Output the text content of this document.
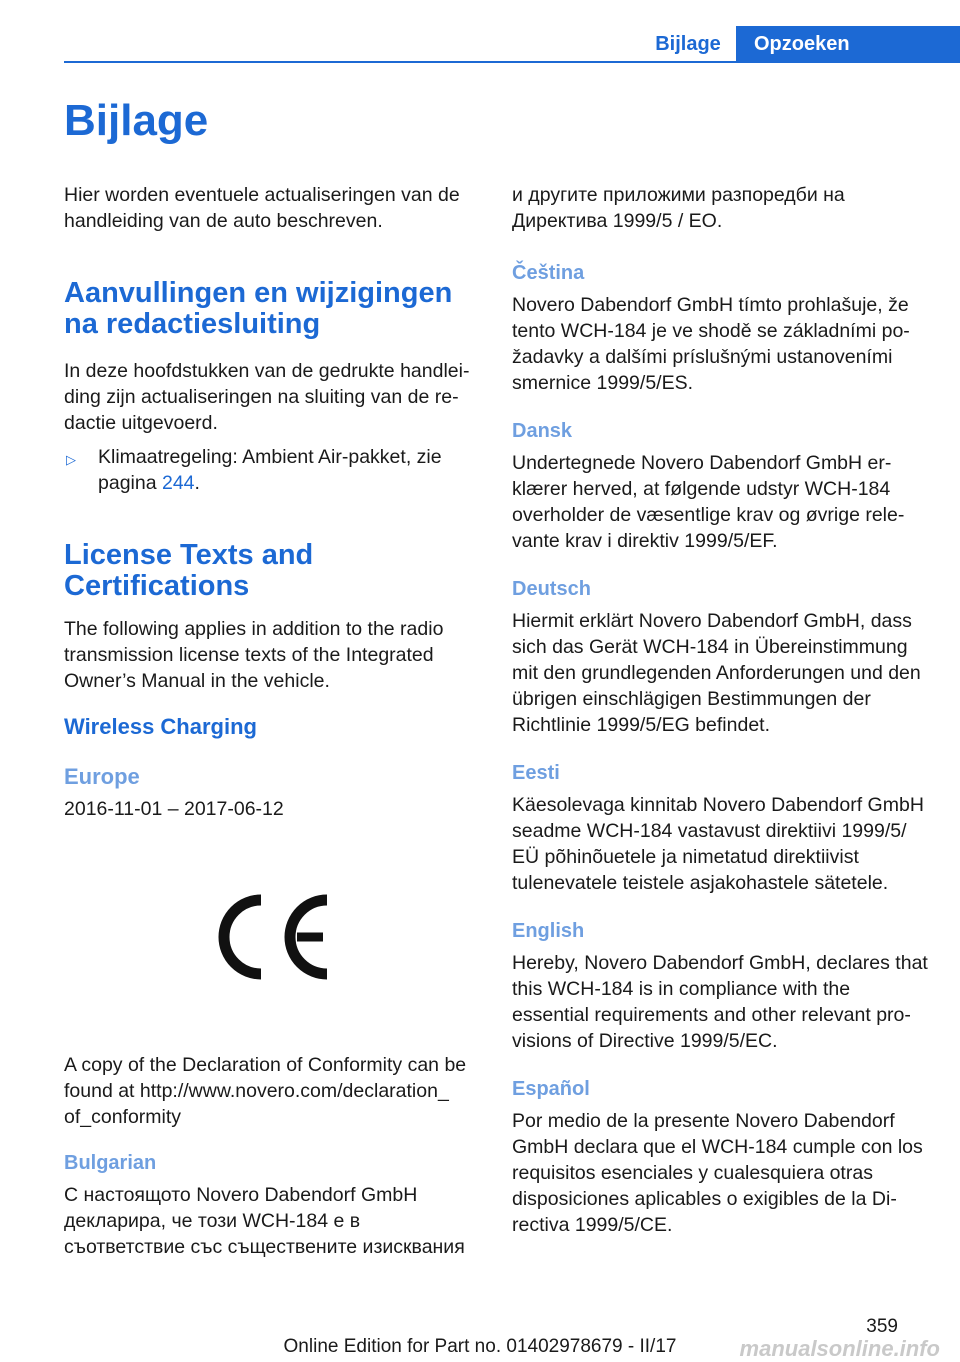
Bijlage	Opzoeken
Bijlage

Hier worden eventuele actualiseringen van de handleiding van de auto beschreven.

Aanvullingen en wijzigingen na redactiesluiting

In deze hoofdstukken van de gedrukte handleiding zijn actualiseringen na sluiting van de redactie uitgevoerd.

▷ Klimaatregeling: Ambient Air-pakket, zie pagina 244.

License Texts and Certifications

The following applies in addition to the radio transmission license texts of the Integrated Owner’s Manual in the vehicle.

Wireless Charging

Europe

2016-11-01 – 2017-06-12

A copy of the Declaration of Conformity can be found at http://www.novero.com/declaration_ of_conformity

Bulgarian

С настоящото Novero Dabendorf GmbH декларира, че този WCH-184 е в съответствие със съществените изисквания

и другите приложими разпоредби на Директива 1999/5 / ЕО.

Čeština

Novero Dabendorf GmbH tímto prohlašuje, že tento WCH-184 je ve shodě se základními požadavky a dalšími príslušnými ustanoveními smernice 1999/5/ES.

Dansk

Undertegnede Novero Dabendorf GmbH erklærer herved, at følgende udstyr WCH-184 overholder de væsentlige krav og øvrige relevante krav i direktiv 1999/5/EF.

Deutsch

Hiermit erklärt Novero Dabendorf GmbH, dass sich das Gerät WCH-184 in Übereinstimmung mit den grundlegenden Anforderungen und den übrigen einschlägigen Bestimmungen der Richtlinie 1999/5/EG befindet.

Eesti

Käesolevaga kinnitab Novero Dabendorf GmbH seadme WCH-184 vastavust direktiivi 1999/5/ EÜ põhinõuetele ja nimetatud direktiivist tulenevatele teistele asjakohastele sätetele.

English

Hereby, Novero Dabendorf GmbH, declares that this WCH-184 is in compliance with the essential requirements and other relevant provisions of Directive 1999/5/EC.

Español

Por medio de la presente Novero Dabendorf GmbH declara que el WCH-184 cumple con los requisitos esenciales y cualesquiera otras disposiciones aplicables o exigibles de la Directiva 1999/5/CE.

359
Online Edition for Part no. 01402978679 - II/17	manualsonline.info
